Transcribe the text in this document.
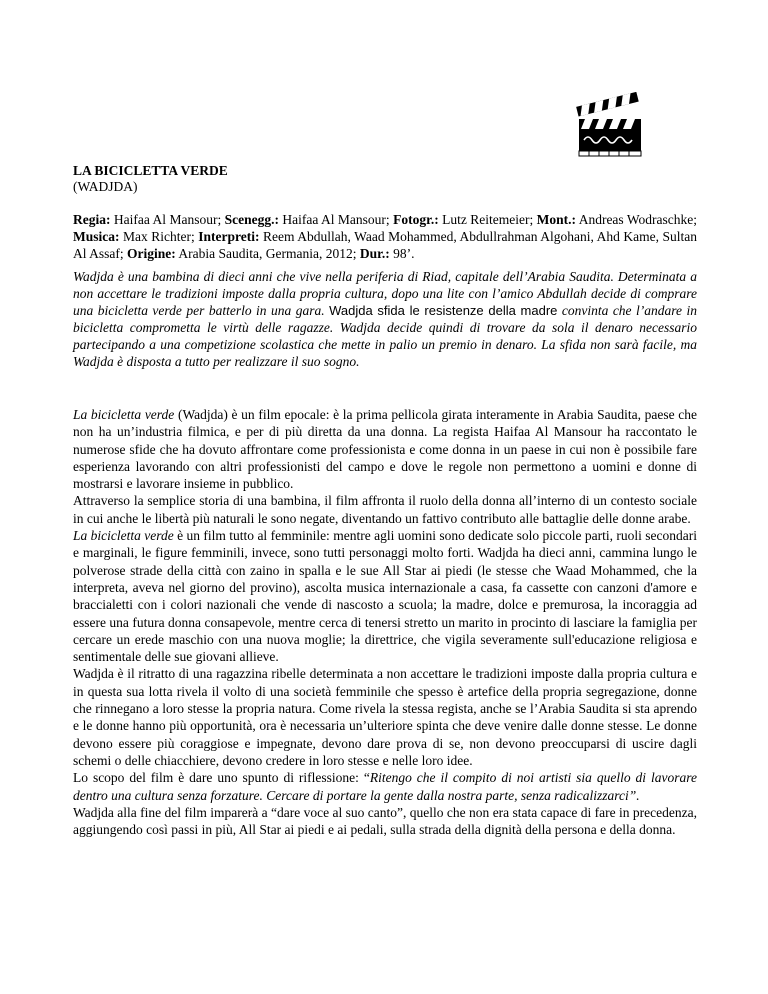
LA BICICLETTA VERDE
(WADJDA)
Regia: Haifaa Al Mansour; Scenegg.: Haifaa Al Mansour; Fotogr.: Lutz Reitemeier; Mont.: Andreas Wodraschke; Musica: Max Richter; Interpreti: Reem Abdullah, Waad Mohammed, Abdullrahman Algohani, Ahd Kame, Sultan Al Assaf; Origine: Arabia Saudita, Germania, 2012; Dur.: 98’.
Wadjda è una bambina di dieci anni che vive nella periferia di Riad, capitale dell’Arabia Saudita. Determinata a non accettare le tradizioni imposte dalla propria cultura, dopo una lite con l’amico Abdullah decide di comprare una bicicletta verde per batterlo in una gara. Wadjda sfida le resistenze della madre convinta che l’andare in bicicletta comprometta le virtù delle ragazze. Wadjda decide quindi di trovare da sola il denaro necessario partecipando a una competizione scolastica che mette in palio un premio in denaro. La sfida non sarà facile, ma Wadjda è disposta a tutto per realizzare il suo sogno.

La bicicletta verde (Wadjda) è un film epocale: è la prima pellicola girata interamente in Arabia Saudita, paese che non ha un’industria filmica, e per di più diretta da una donna. La regista Haifaa Al Mansour ha raccontato le numerose sfide che ha dovuto affrontare come professionista e come donna in un paese in cui non è possibile fare esperienza lavorando con altri professionisti del campo e dove le regole non permettono a uomini e donne di mostrarsi e lavorare insieme in pubblico.

Attraverso la semplice storia di una bambina, il film affronta il ruolo della donna all’interno di un contesto sociale in cui anche le libertà più naturali le sono negate, diventando un fattivo contributo alle battaglie delle donne arabe.

La bicicletta verde è un film tutto al femminile: mentre agli uomini sono dedicate solo piccole parti, ruoli secondari e marginali, le figure femminili, invece, sono tutti personaggi molto forti. Wadjda ha dieci anni, cammina lungo le polverose strade della città con zaino in spalla e le sue All Star ai piedi (le stesse che Waad Mohammed, che la interpreta, aveva nel giorno del provino), ascolta musica internazionale a casa, fa cassette con canzoni d'amore e braccialetti con i colori nazionali che vende di nascosto a scuola; la madre, dolce e premurosa, la incoraggia ad essere una futura donna consapevole, mentre cerca di tenersi stretto un marito in procinto di lasciare la famiglia per cercare un erede maschio con una nuova moglie; la direttrice, che vigila severamente sull'educazione religiosa e sentimentale delle sue giovani allieve.

Wadjda è il ritratto di una ragazzina ribelle determinata a non accettare le tradizioni imposte dalla propria cultura e in questa sua lotta rivela il volto di una società femminile che spesso è artefice della propria segregazione, donne che rinnegano a loro stesse la propria natura. Come rivela la stessa regista, anche se l’Arabia Saudita si sta aprendo e le donne hanno più opportunità, ora è necessaria un’ulteriore spinta che deve venire dalle donne stesse. Le donne devono essere più coraggiose e impegnate, devono dare prova di se, non devono preoccuparsi di uscire dagli schemi o delle chiacchiere, devono credere in loro stesse e nelle loro idee.

Lo scopo del film è dare uno spunto di riflessione: “Ritengo che il compito di noi artisti sia quello di lavorare dentro una cultura senza forzature. Cercare di portare la gente dalla nostra parte, senza radicalizzarci”.

Wadjda alla fine del film imparerà a “dare voce al suo canto”, quello che non era stata capace di fare in precedenza, aggiungendo così passi in più, All Star ai piedi e ai pedali, sulla strada della dignità della persona e della donna.
